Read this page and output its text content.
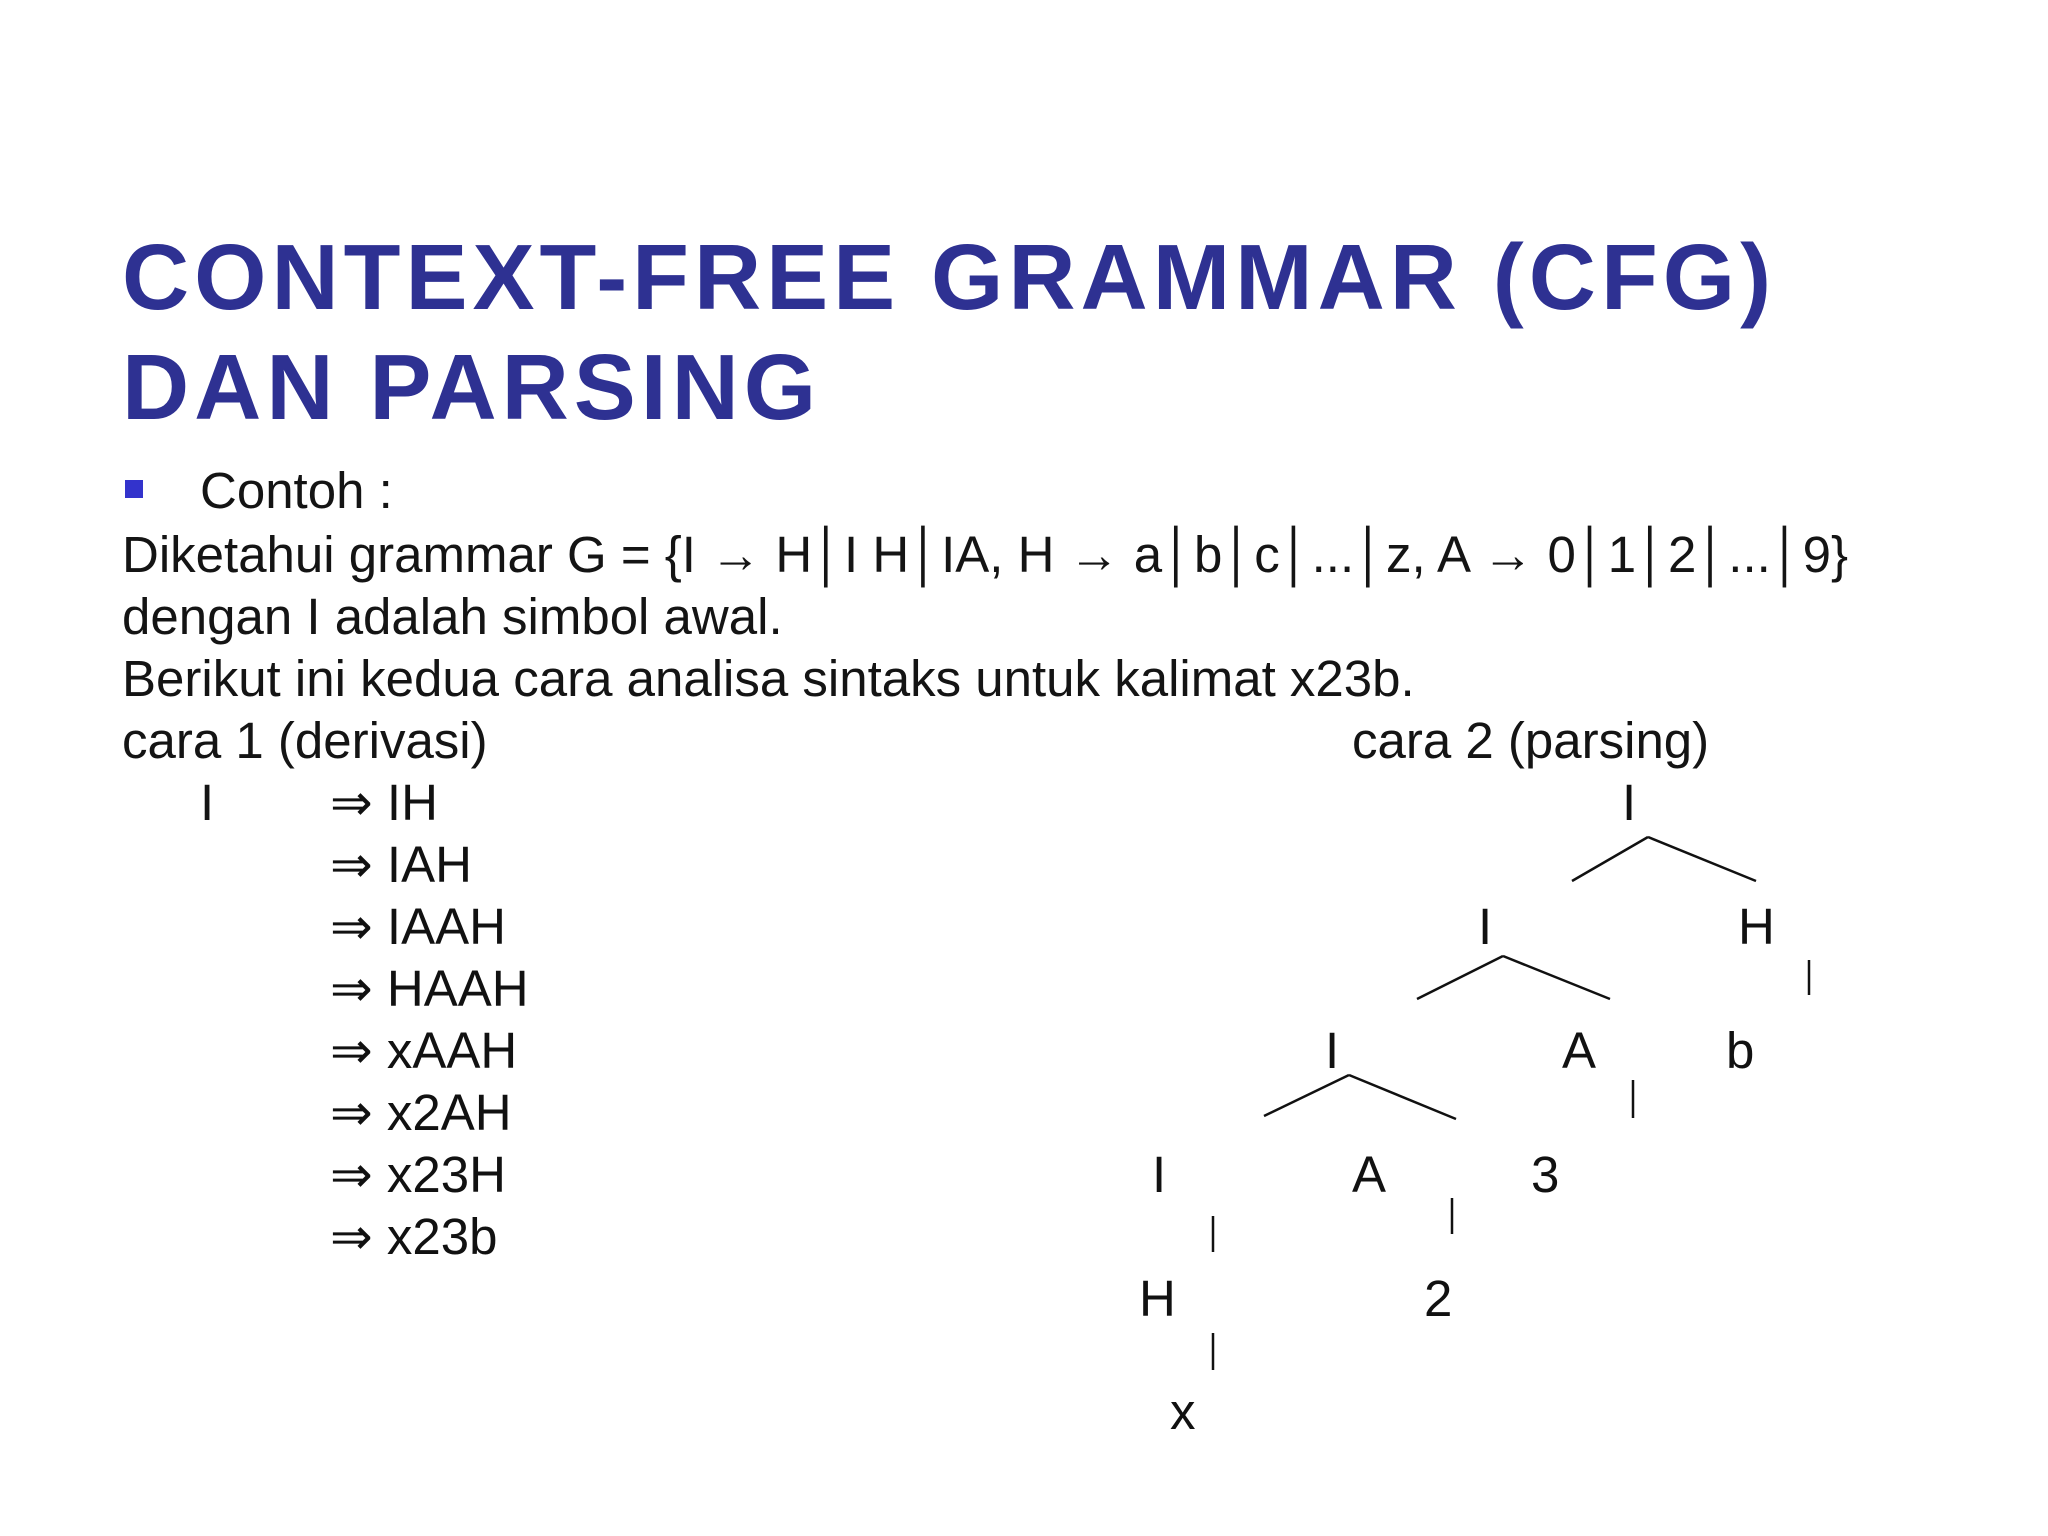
CONTEXT-FREE GRAMMAR (CFG)
DAN PARSING
Contoh :
Diketahui grammar G = {I → H│I H│IA, H → a│b│c│...│z, A → 0│1│2│...│9}
dengan I adalah simbol awal.
Berikut ini kedua cara analisa sintaks untuk kalimat x23b.
cara 1 (derivasi)
I ⇒ IH
⇒ IAH
⇒ IAAH
⇒ HAAH
⇒ xAAH
⇒ x2AH
⇒ x23H
⇒ x23b
cara 2 (parsing)
I
I	H
I	A	b
I	A	3
H	2
x
